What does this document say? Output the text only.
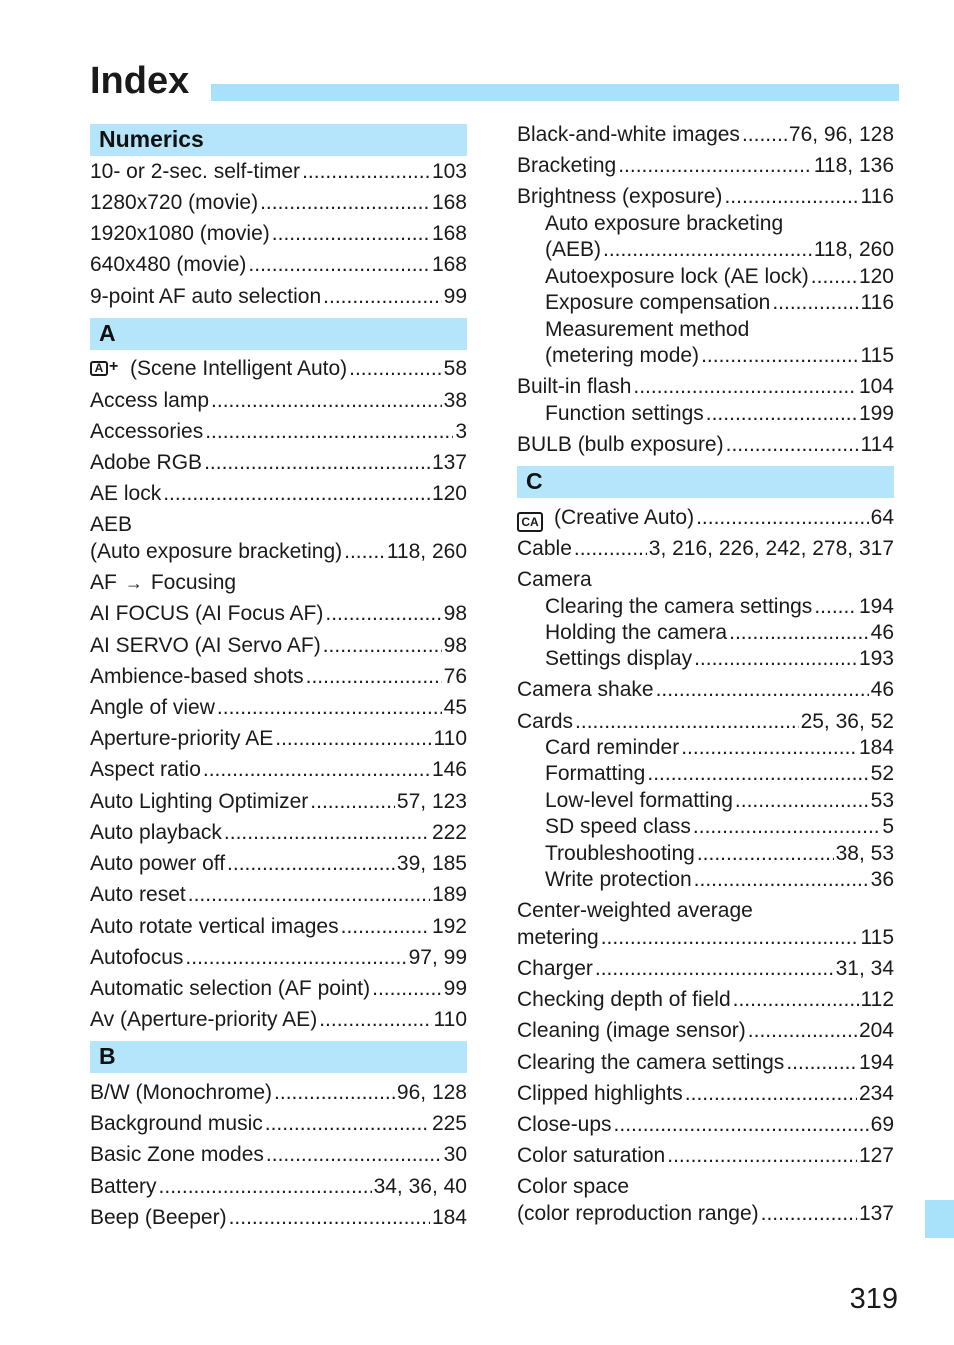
Index
Numerics
10- or 2-sec. self-timer .....	103
1280x720 (movie) .....	168
1920x1080 (movie) .....	168
640x480 (movie) .....	168
9-point AF auto selection .....	99
A
A + (Scene Intelligent Auto) .....	58
Access lamp .....	38
Accessories .....	3
Adobe RGB .....	137
AE lock .....	120
AEB
(Auto exposure bracketing) ..... 118, 260
AF → Focusing
AI FOCUS (AI Focus AF) .....	98
AI SERVO (AI Servo AF) .....	98
Ambience-based shots .....	76
Angle of view .....	45
Aperture-priority AE .....	110
Aspect ratio .....	146
Auto Lighting Optimizer .....	57, 123
Auto playback .....	222
Auto power off .....	39, 185
Auto reset .....	189
Auto rotate vertical images .....	192
Autofocus .....	97, 99
Automatic selection (AF point) .....	99
Av (Aperture-priority AE) .....	110
B
B/W (Monochrome) .....	96, 128
Background music .....	225
Basic Zone modes .....	30
Battery .....	34, 36, 40
Beep (Beeper) .....	184
Black-and-white images ..... 76, 96, 128
Bracketing .....	118, 136
Brightness (exposure) .....	116
Auto exposure bracketing
(AEB) .....	118, 260
Autoexposure lock (AE lock) ..... 120
Exposure compensation .....	116
Measurement method
(metering mode) .....	115
Built-in flash .....	104
Function settings .....	199
BULB (bulb exposure) .....	114
C
CA (Creative Auto) .....	64
Cable .....	3, 216, 226, 242, 278, 317
Camera
Clearing the camera settings ..... 194
Holding the camera .....	46
Settings display .....	193
Camera shake .....	46
Cards .....	25, 36, 52
Card reminder .....	184
Formatting .....	52
Low-level formatting .....	53
SD speed class .....	5
Troubleshooting .....	38, 53
Write protection .....	36
Center-weighted average
metering .....	115
Charger .....	31, 34
Checking depth of field .....	112
Cleaning (image sensor) .....	204
Clearing the camera settings .....	194
Clipped highlights .....	234
Close-ups .....	69
Color saturation .....	127
Color space
(color reproduction range) .....	137
319
